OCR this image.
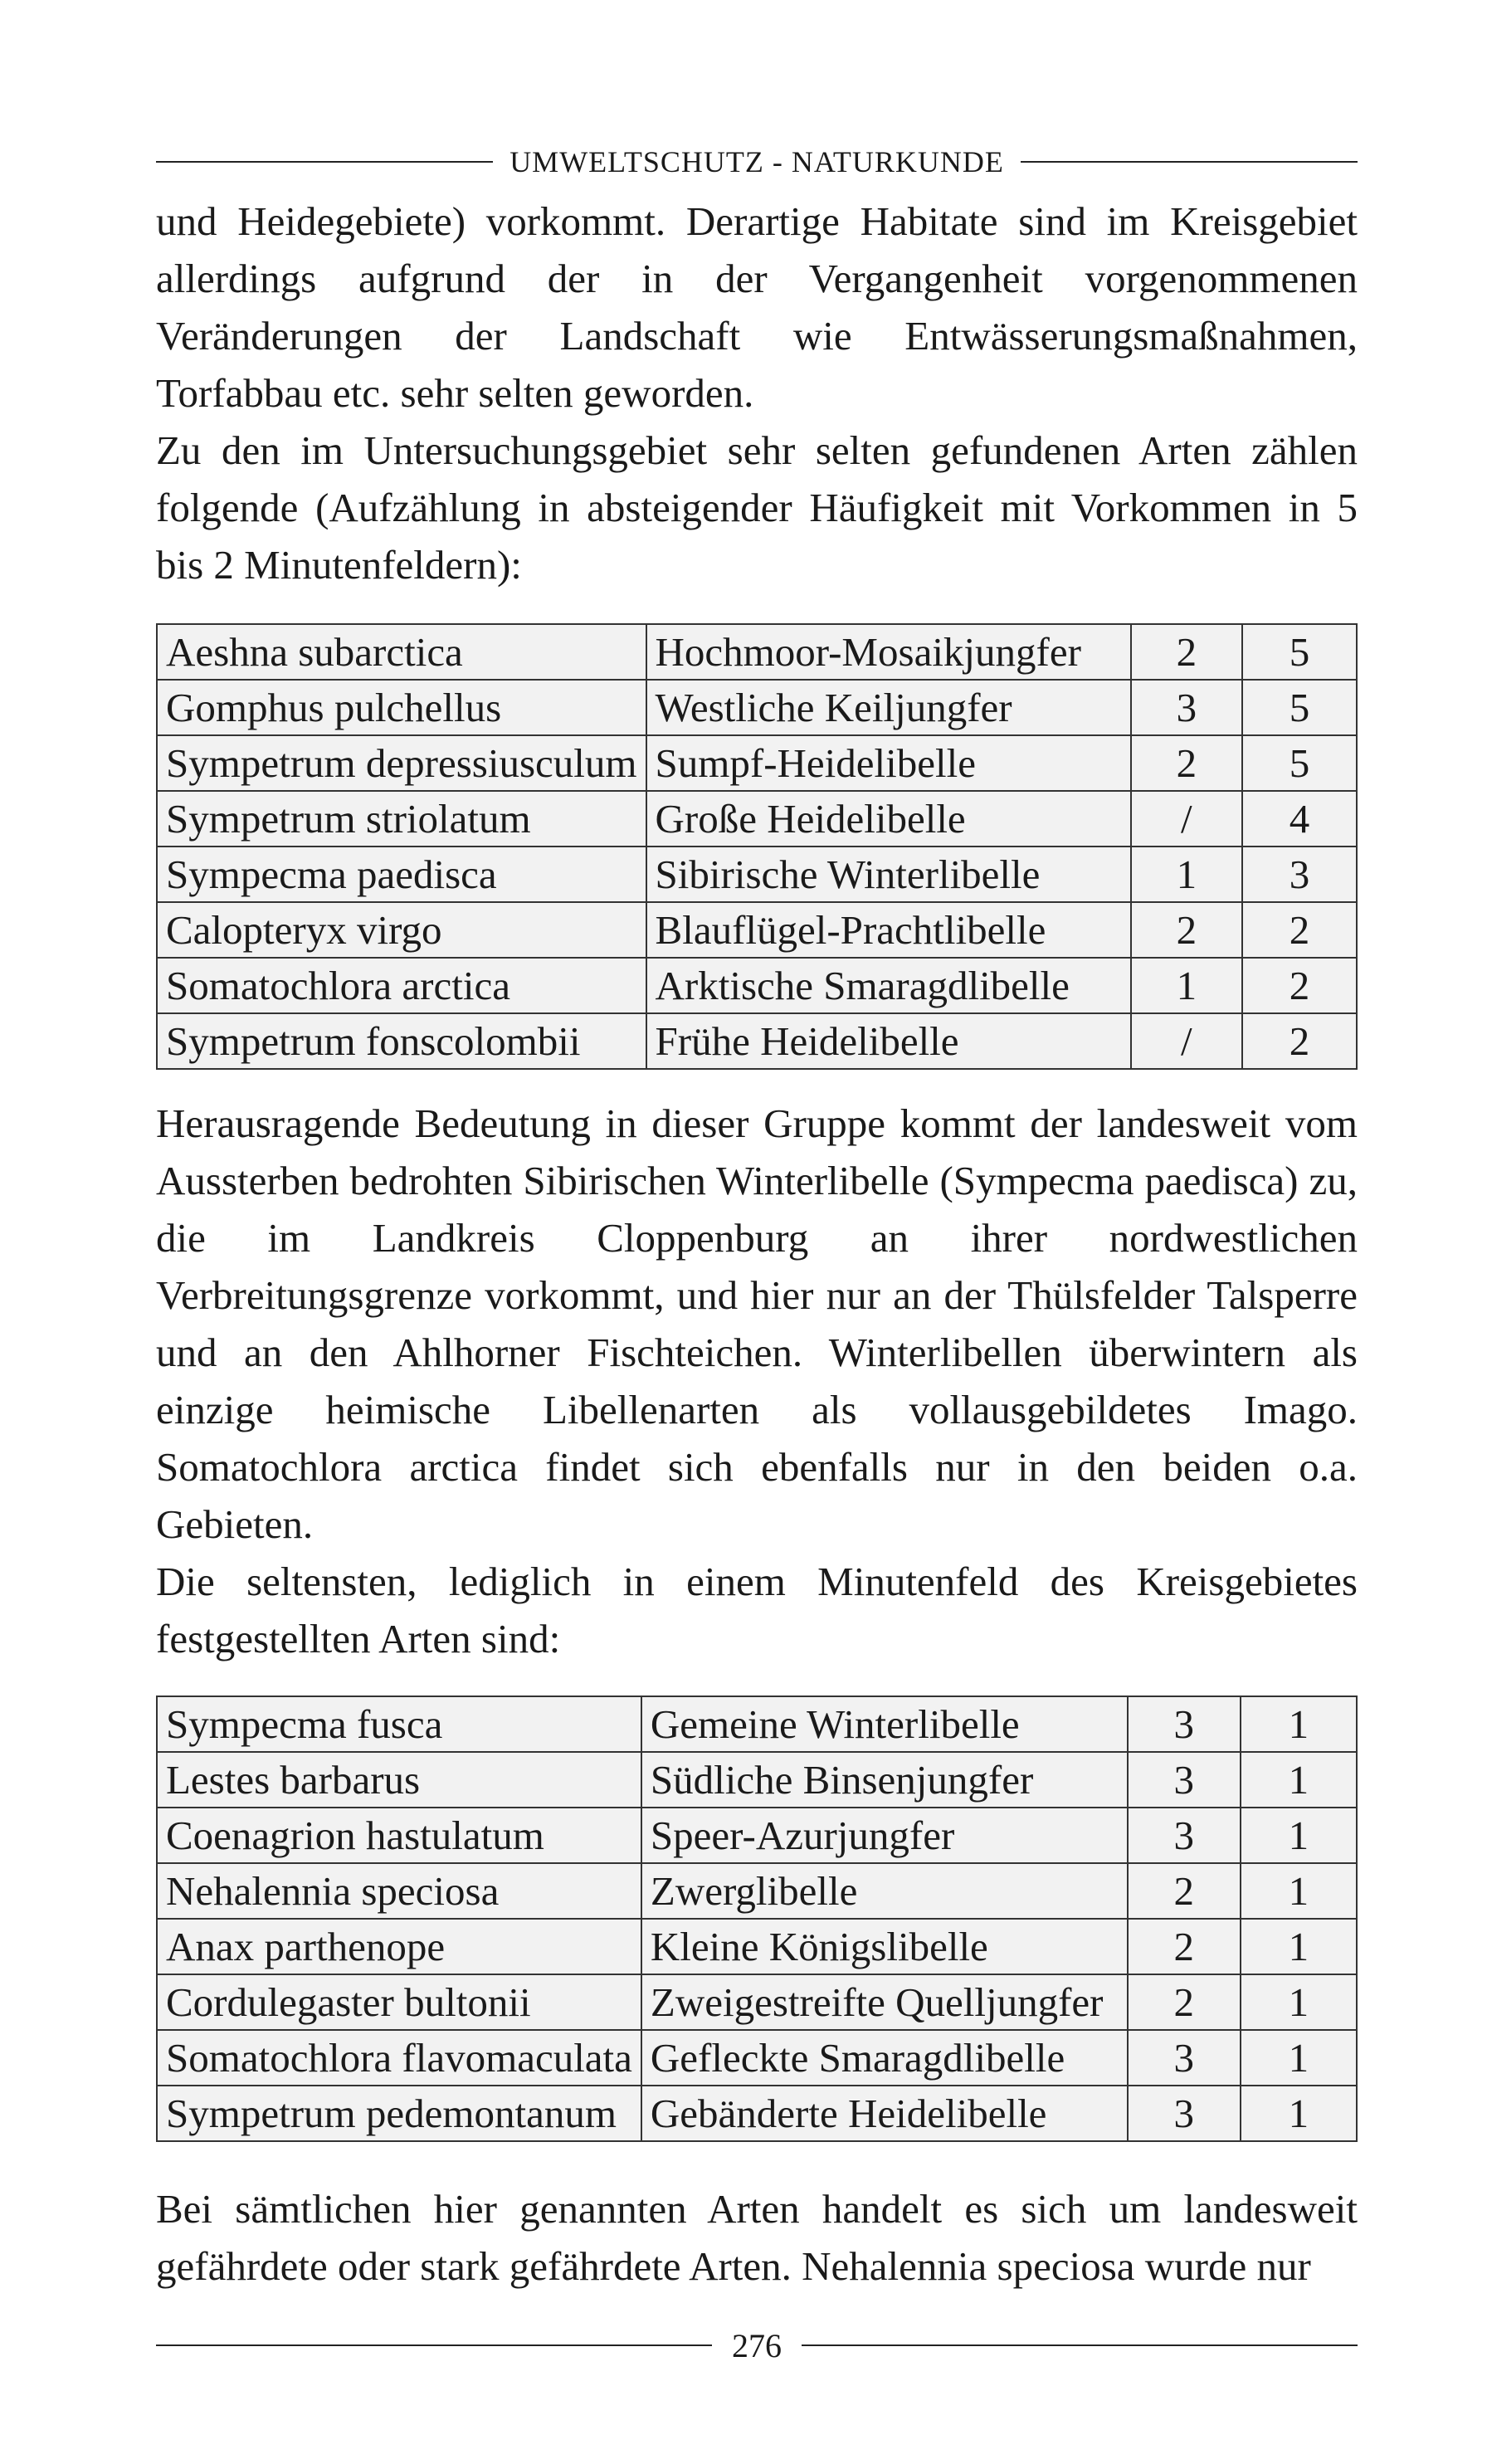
UMWELTSCHUTZ - NATURKUNDE

und Heidegebiete) vorkommt. Derartige Habitate sind im Kreisgebiet allerdings aufgrund der in der Vergangenheit vorgenommenen Veränderungen der Landschaft wie Entwässerungsmaßnahmen, Torfabbau etc. sehr selten geworden.

Zu den im Untersuchungsgebiet sehr selten gefundenen Arten zählen folgende (Aufzählung in absteigender Häufigkeit mit Vorkommen in 5 bis 2 Minutenfeldern):

Aeshna subarctica	Hochmoor-Mosaikjungfer	2	5
Gomphus pulchellus	Westliche Keiljungfer	3	5
Sympetrum depressiusculum	Sumpf-Heidelibelle	2	5
Sympetrum striolatum	Große Heidelibelle	/	4
Sympecma paedisca	Sibirische Winterlibelle	1	3
Calopteryx virgo	Blauflügel-Prachtlibelle	2	2
Somatochlora arctica	Arktische Smaragdlibelle	1	2
Sympetrum fonscolombii	Frühe Heidelibelle	/	2

Herausragende Bedeutung in dieser Gruppe kommt der landesweit vom Aussterben bedrohten Sibirischen Winterlibelle (Sympecma paedisca) zu, die im Landkreis Cloppenburg an ihrer nordwestlichen Verbreitungsgrenze vorkommt, und hier nur an der Thülsfelder Talsperre und an den Ahlhorner Fischteichen. Winterlibellen überwintern als einzige heimische Libellenarten als vollausgebildetes Imago. Somatochlora arctica findet sich ebenfalls nur in den beiden o.a. Gebieten.

Die seltensten, lediglich in einem Minutenfeld des Kreisgebietes festgestellten Arten sind:

Sympecma fusca	Gemeine Winterlibelle	3	1
Lestes barbarus	Südliche Binsenjungfer	3	1
Coenagrion hastulatum	Speer-Azurjungfer	3	1
Nehalennia speciosa	Zwerglibelle	2	1
Anax parthenope	Kleine Königslibelle	2	1
Cordulegaster bultonii	Zweigestreifte Quelljungfer	2	1
Somatochlora flavomaculata	Gefleckte Smaragdlibelle	3	1
Sympetrum pedemontanum	Gebänderte Heidelibelle	3	1

Bei sämtlichen hier genannten Arten handelt es sich um landesweit gefährdete oder stark gefährdete Arten. Nehalennia speciosa wurde nur

276
